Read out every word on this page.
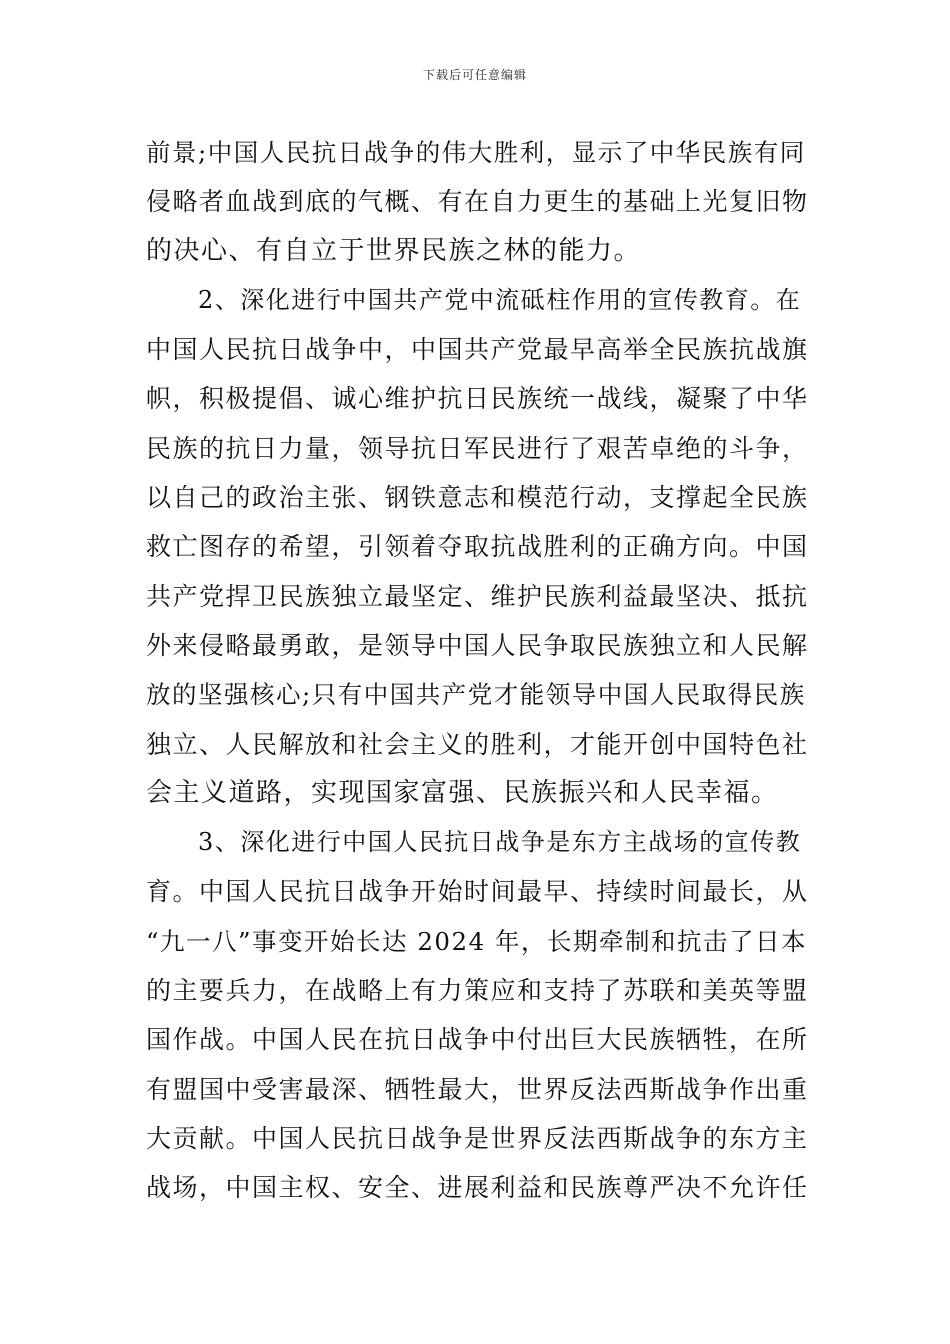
下载后可任意编辑
前景;中国人民抗日战争的伟大胜利，显示了中华民族有同
侵略者血战到底的气概、有在自力更生的基础上光复旧物
的决心、有自立于世界民族之林的能力。
2、深化进行中国共产党中流砥柱作用的宣传教育。在
中国人民抗日战争中，中国共产党最早高举全民族抗战旗
帜，积极提倡、诚心维护抗日民族统一战线，凝聚了中华
民族的抗日力量，领导抗日军民进行了艰苦卓绝的斗争，
以自己的政治主张、钢铁意志和模范行动，支撑起全民族
救亡图存的希望，引领着夺取抗战胜利的正确方向。中国
共产党捍卫民族独立最坚定、维护民族利益最坚决、抵抗
外来侵略最勇敢，是领导中国人民争取民族独立和人民解
放的坚强核心;只有中国共产党才能领导中国人民取得民族
独立、人民解放和社会主义的胜利，才能开创中国特色社
会主义道路，实现国家富强、民族振兴和人民幸福。
3、深化进行中国人民抗日战争是东方主战场的宣传教
育。中国人民抗日战争开始时间最早、持续时间最长，从
“九一八”事变开始长达 2024 年，长期牵制和抗击了日本
的主要兵力，在战略上有力策应和支持了苏联和美英等盟
国作战。中国人民在抗日战争中付出巨大民族牺牲，在所
有盟国中受害最深、牺牲最大，世界反法西斯战争作出重
大贡献。中国人民抗日战争是世界反法西斯战争的东方主
战场，中国主权、安全、进展利益和民族尊严决不允许任
